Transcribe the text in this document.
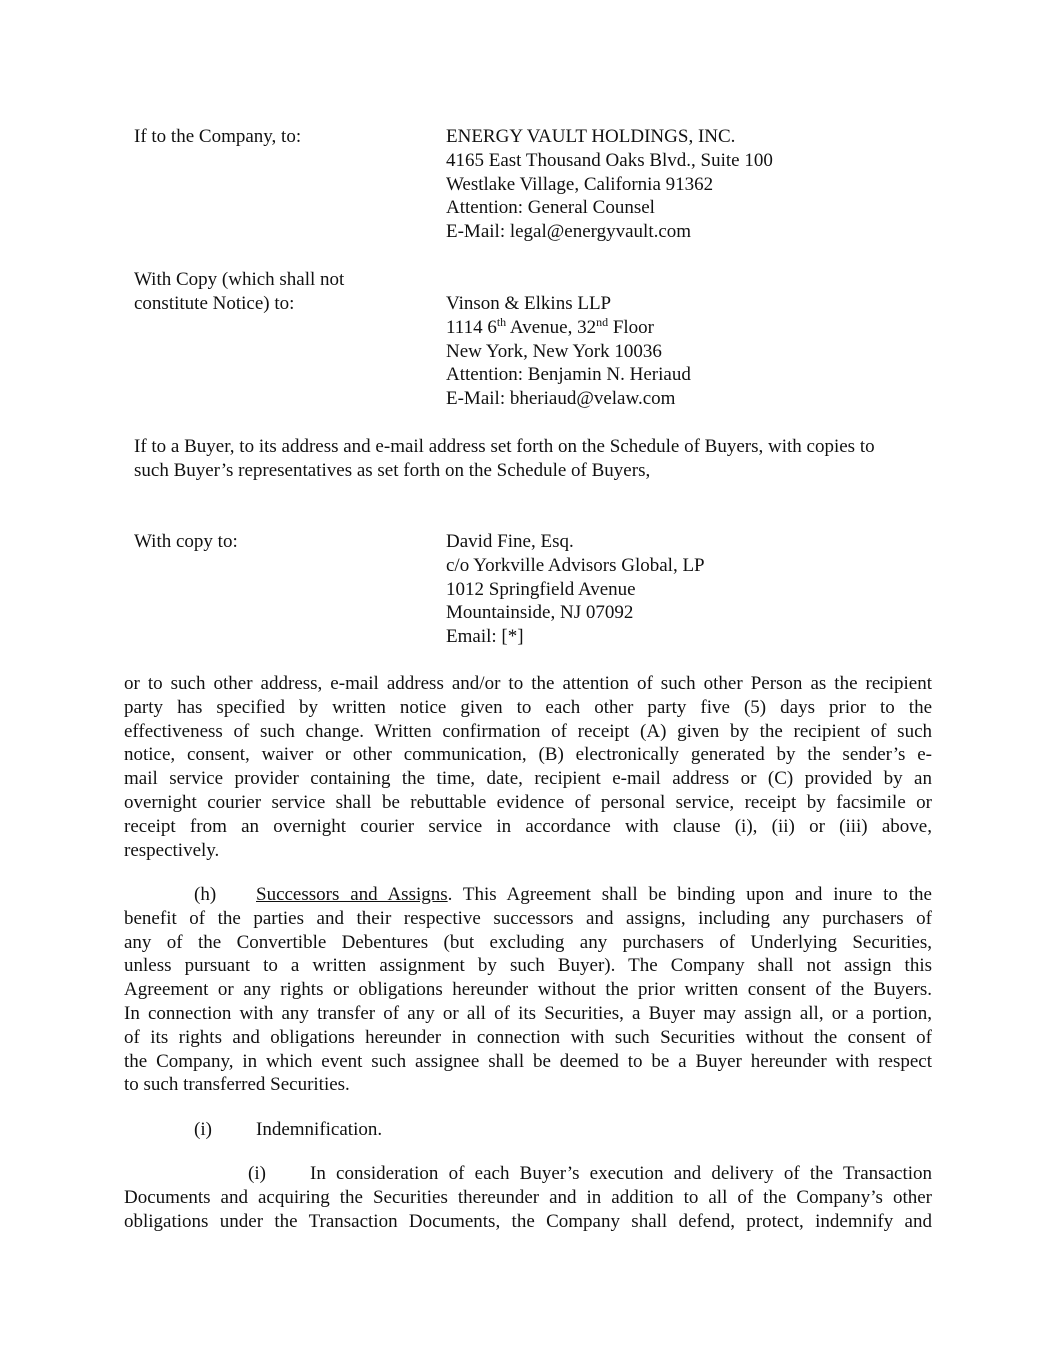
If to the Company, to:	ENERGY VAULT HOLDINGS, INC.
4165 East Thousand Oaks Blvd., Suite 100
Westlake Village, California 91362
Attention: General Counsel
E-Mail: legal@energyvault.com
With Copy (which shall not
constitute Notice) to:	Vinson & Elkins LLP
1114 6th Avenue, 32nd Floor
New York, New York 10036
Attention: Benjamin N. Heriaud
E-Mail: bheriaud@velaw.com
If to a Buyer, to its address and e-mail address set forth on the Schedule of Buyers, with copies to
such Buyer’s representatives as set forth on the Schedule of Buyers,
With copy to:	David Fine, Esq.
c/o Yorkville Advisors Global, LP
1012 Springfield Avenue
Mountainside, NJ 07092
Email: [*]
or to such other address, e-mail address and/or to the attention of such other Person as the recipient
party has specified by written notice given to each other party five (5) days prior to the
effectiveness of such change. Written confirmation of receipt (A) given by the recipient of such
notice, consent, waiver or other communication, (B) electronically generated by the sender’s e-
mail service provider containing the time, date, recipient e-mail address or (C) provided by an
overnight courier service shall be rebuttable evidence of personal service, receipt by facsimile or
receipt from an overnight courier service in accordance with clause (i), (ii) or (iii) above,
respectively.
(h) Successors and Assigns. This Agreement shall be binding upon and inure to the
benefit of the parties and their respective successors and assigns, including any purchasers of
any of the Convertible Debentures (but excluding any purchasers of Underlying Securities,
unless pursuant to a written assignment by such Buyer). The Company shall not assign this
Agreement or any rights or obligations hereunder without the prior written consent of the Buyers.
In connection with any transfer of any or all of its Securities, a Buyer may assign all, or a portion,
of its rights and obligations hereunder in connection with such Securities without the consent of
the Company, in which event such assignee shall be deemed to be a Buyer hereunder with respect
to such transferred Securities.
(i) Indemnification.
(i) In consideration of each Buyer’s execution and delivery of the Transaction
Documents and acquiring the Securities thereunder and in addition to all of the Company’s other
obligations under the Transaction Documents, the Company shall defend, protect, indemnify and
